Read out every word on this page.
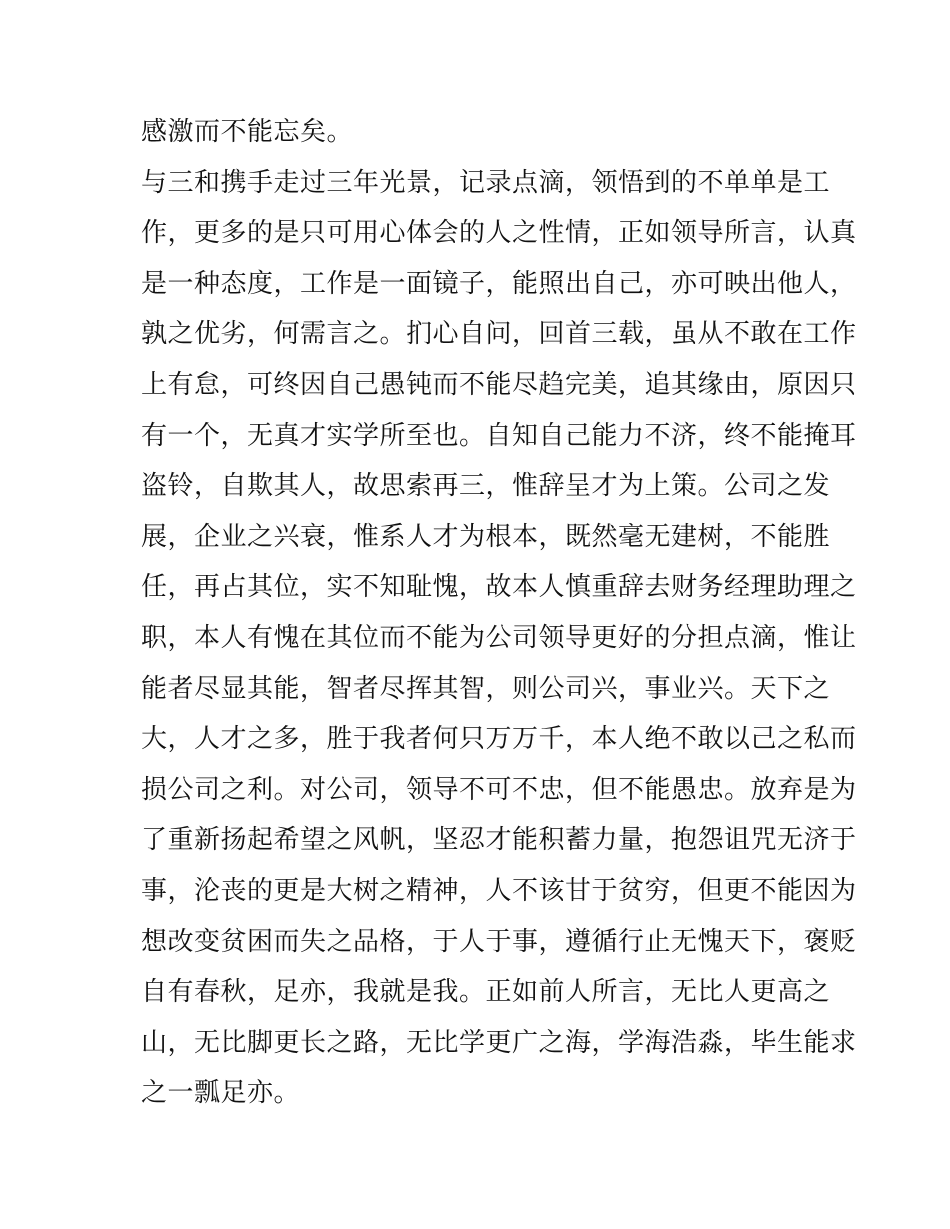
感激而不能忘矣。
与三和携手走过三年光景，记录点滴，领悟到的不单单是工
作，更多的是只可用心体会的人之性情，正如领导所言，认真
是一种态度，工作是一面镜子，能照出自己，亦可映出他人，
孰之优劣，何需言之。扪心自问，回首三载，虽从不敢在工作
上有怠，可终因自己愚钝而不能尽趋完美，追其缘由，原因只
有一个，无真才实学所至也。自知自己能力不济，终不能掩耳
盗铃，自欺其人，故思索再三，惟辞呈才为上策。公司之发
展，企业之兴衰，惟系人才为根本，既然毫无建树，不能胜
任，再占其位，实不知耻愧，故本人慎重辞去财务经理助理之
职，本人有愧在其位而不能为公司领导更好的分担点滴，惟让
能者尽显其能，智者尽挥其智，则公司兴，事业兴。天下之
大，人才之多，胜于我者何只万万千，本人绝不敢以己之私而
损公司之利。对公司，领导不可不忠，但不能愚忠。放弃是为
了重新扬起希望之风帆，坚忍才能积蓄力量，抱怨诅咒无济于
事，沦丧的更是大树之精神，人不该甘于贫穷，但更不能因为
想改变贫困而失之品格，于人于事，遵循行止无愧天下，褒贬
自有春秋，足亦，我就是我。正如前人所言，无比人更高之
山，无比脚更长之路，无比学更广之海，学海浩淼，毕生能求
之一瓢足亦。
